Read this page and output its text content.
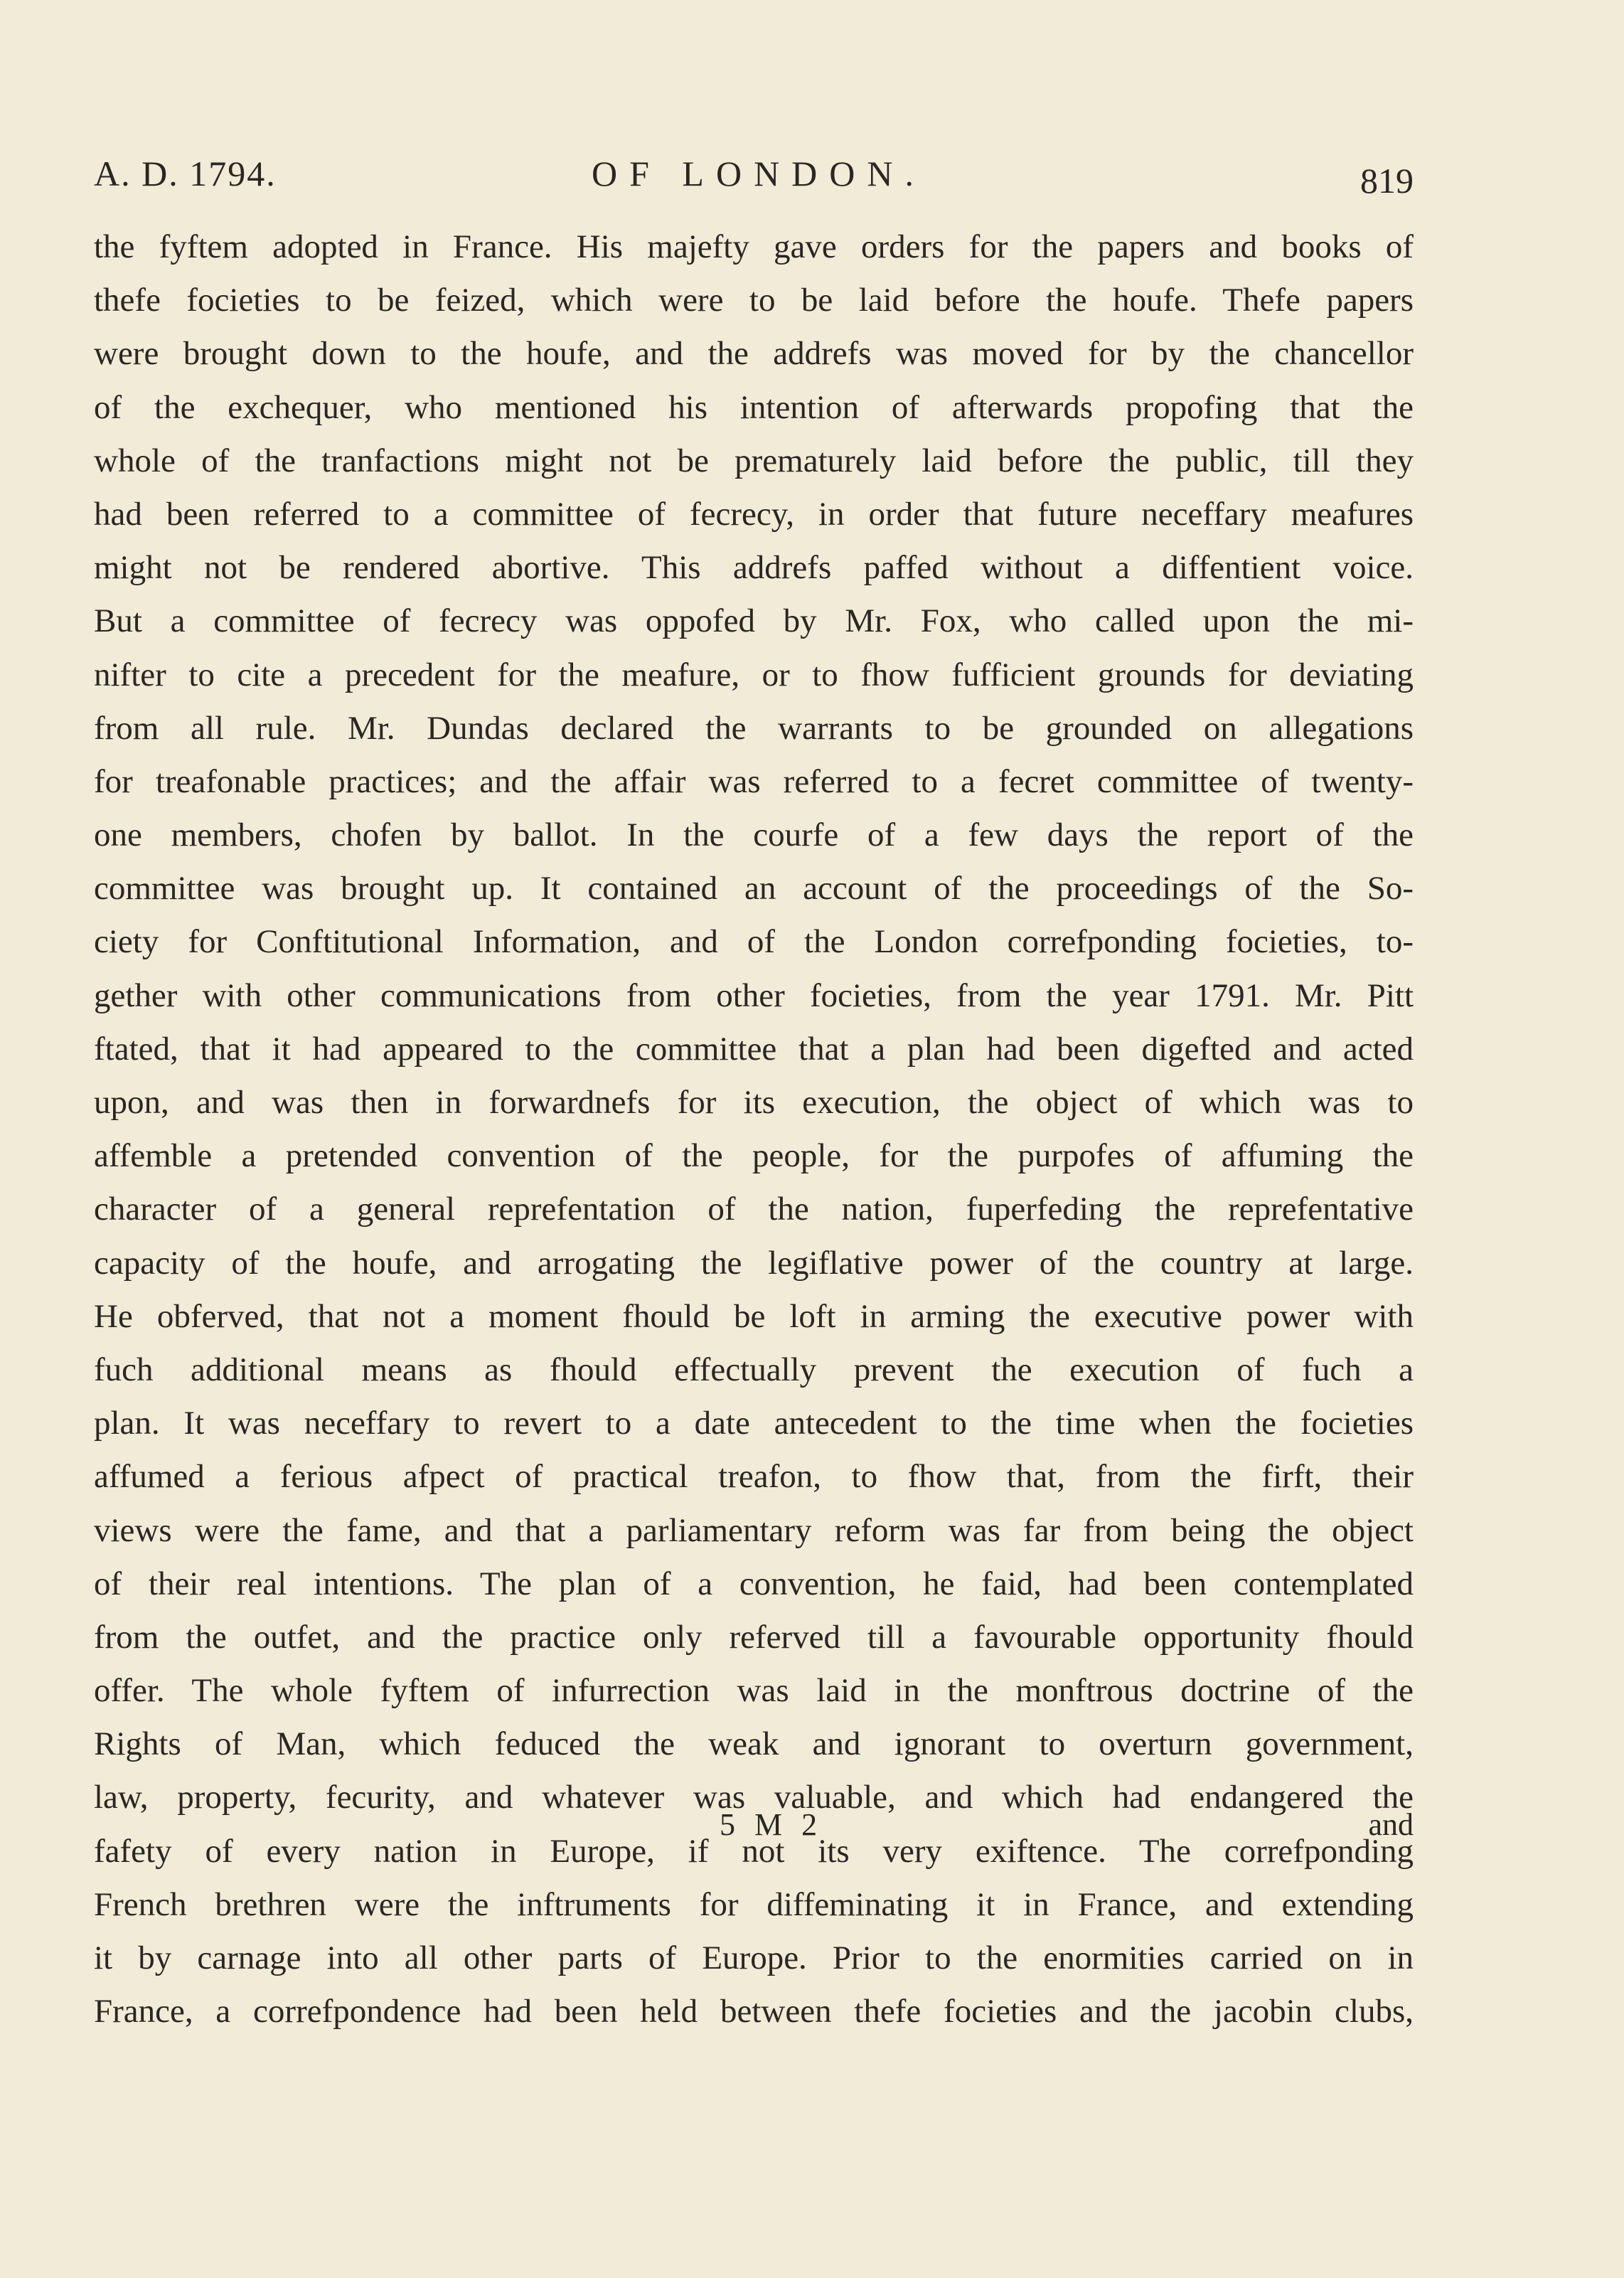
A. D. 1794.	OF LONDON.	819
the fyftem adopted in France. His majefty gave orders for the papers and books of
thefe focieties to be feized, which were to be laid before the houfe. Thefe papers
were brought down to the houfe, and the addrefs was moved for by the chancellor
of the exchequer, who mentioned his intention of afterwards propofing that the
whole of the tranfactions might not be prematurely laid before the public, till they
had been referred to a committee of fecrecy, in order that future neceffary meafures
might not be rendered abortive. This addrefs paffed without a diffentient voice.
But a committee of fecrecy was oppofed by Mr. Fox, who called upon the mi-
nifter to cite a precedent for the meafure, or to fhow fufficient grounds for deviating
from all rule. Mr. Dundas declared the warrants to be grounded on allegations
for treafonable practices; and the affair was referred to a fecret committee of twenty-
one members, chofen by ballot. In the courfe of a few days the report of the
committee was brought up. It contained an account of the proceedings of the So-
ciety for Conftitutional Information, and of the London correfponding focieties, to-
gether with other communications from other focieties, from the year 1791. Mr. Pitt
ftated, that it had appeared to the committee that a plan had been digefted and acted
upon, and was then in forwardnefs for its execution, the object of which was to
affemble a pretended convention of the people, for the purpofes of affuming the
character of a general reprefentation of the nation, fuperfeding the reprefentative
capacity of the houfe, and arrogating the legiflative power of the country at large.
He obferved, that not a moment fhould be loft in arming the executive power with
fuch additional means as fhould effectually prevent the execution of fuch a
plan. It was neceffary to revert to a date antecedent to the time when the focieties
affumed a ferious afpect of practical treafon, to fhow that, from the firft, their
views were the fame, and that a parliamentary reform was far from being the object
of their real intentions. The plan of a convention, he faid, had been contemplated
from the outfet, and the practice only referved till a favourable opportunity fhould
offer. The whole fyftem of infurrection was laid in the monftrous doctrine of the
Rights of Man, which feduced the weak and ignorant to overturn government,
law, property, fecurity, and whatever was valuable, and which had endangered the
fafety of every nation in Europe, if not its very exiftence. The correfponding
French brethren were the inftruments for diffeminating it in France, and extending
it by carnage into all other parts of Europe. Prior to the enormities carried on in
France, a correfpondence had been held between thefe focieties and the jacobin clubs,
5 M 2	and
